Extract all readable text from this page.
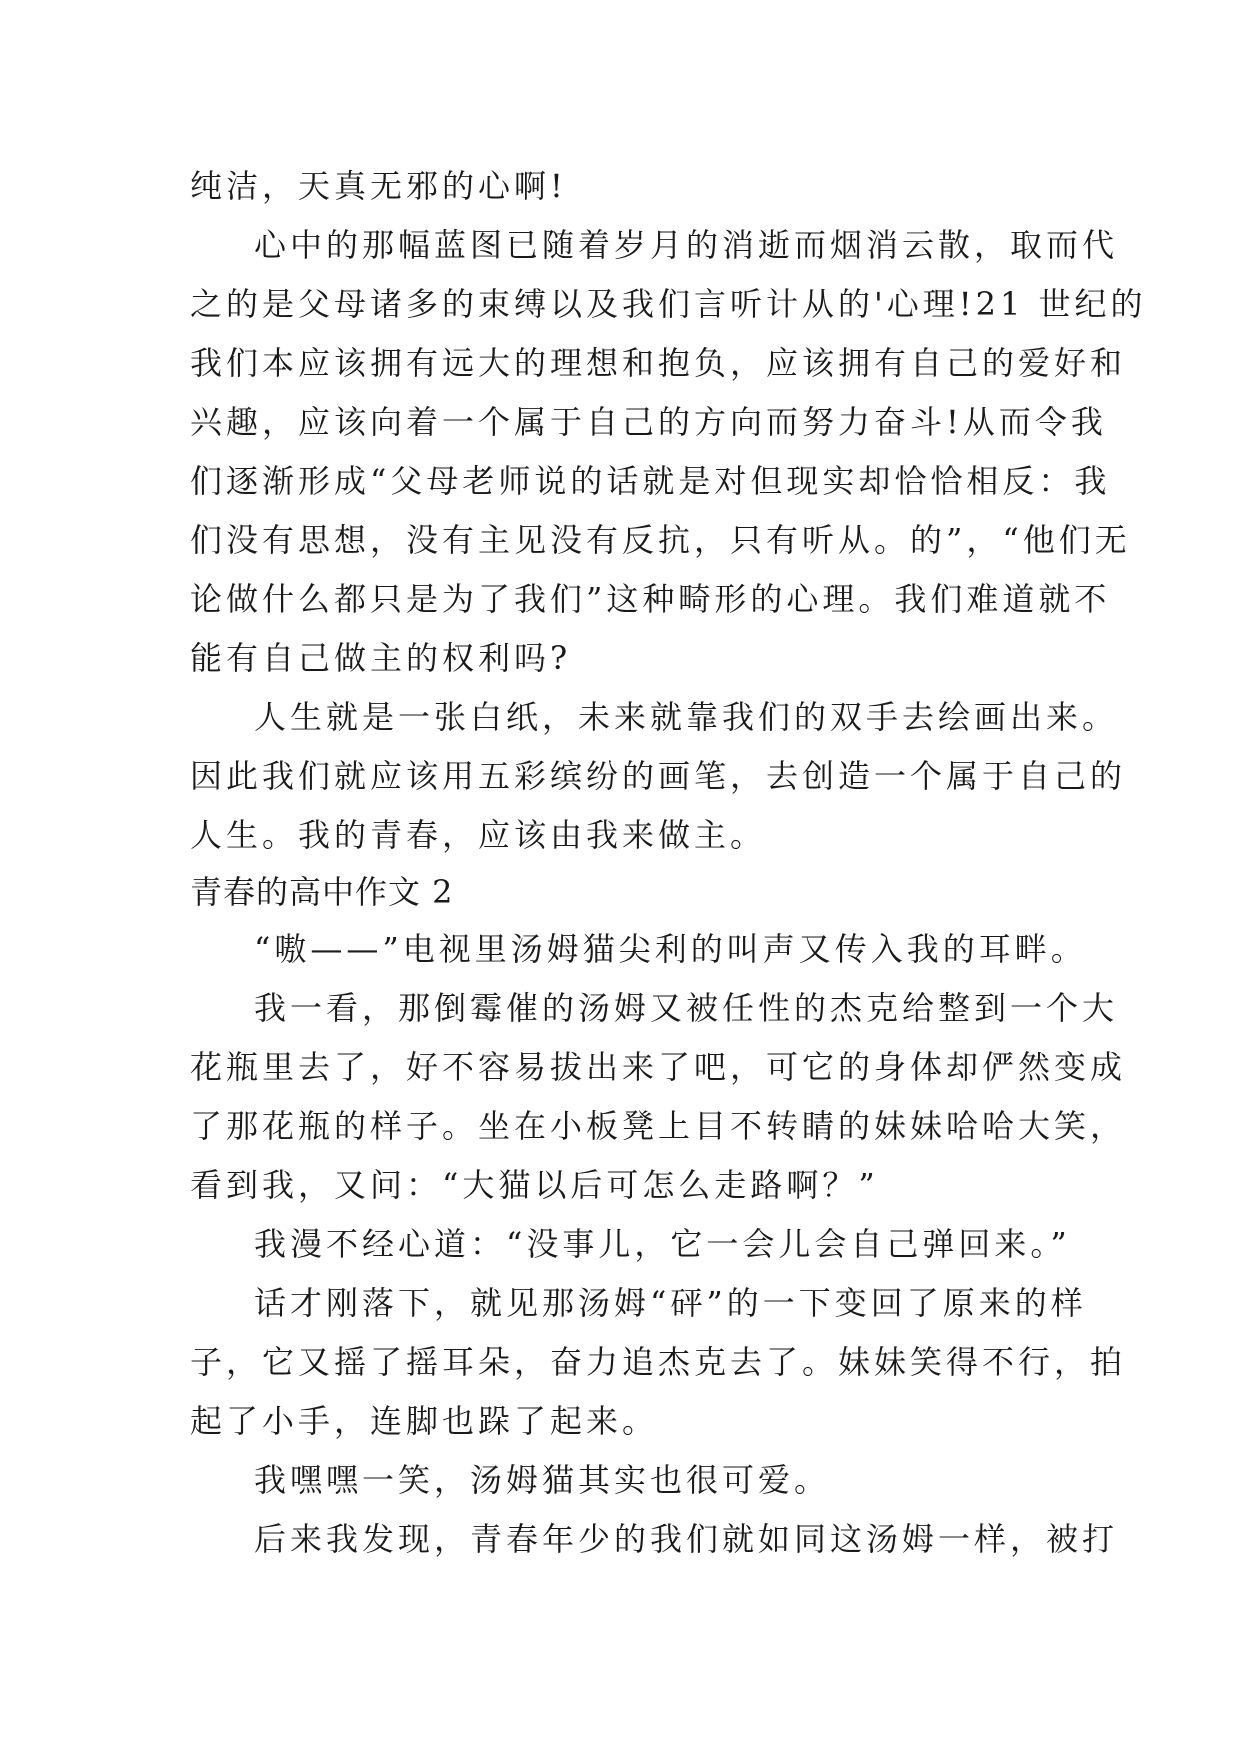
纯洁，天真无邪的心啊!
心中的那幅蓝图已随着岁月的消逝而烟消云散，取而代
之的是父母诸多的束缚以及我们言听计从的'心理!21 世纪的
我们本应该拥有远大的理想和抱负，应该拥有自己的爱好和
兴趣，应该向着一个属于自己的方向而努力奋斗!从而令我
们逐渐形成“父母老师说的话就是对但现实却恰恰相反：我
们没有思想，没有主见没有反抗，只有听从。的”，“他们无
论做什么都只是为了我们”这种畸形的心理。我们难道就不
能有自己做主的权利吗?
人生就是一张白纸，未来就靠我们的双手去绘画出来。
因此我们就应该用五彩缤纷的画笔，去创造一个属于自己的
人生。我的青春，应该由我来做主。
青春的高中作文 2
“嗷——”电视里汤姆猫尖利的叫声又传入我的耳畔。
我一看，那倒霉催的汤姆又被任性的杰克给整到一个大
花瓶里去了，好不容易拔出来了吧，可它的身体却俨然变成
了那花瓶的样子。坐在小板凳上目不转睛的妹妹哈哈大笑，
看到我，又问：“大猫以后可怎么走路啊？”
我漫不经心道：“没事儿，它一会儿会自己弹回来。”
话才刚落下，就见那汤姆“砰”的一下变回了原来的样
子，它又摇了摇耳朵，奋力追杰克去了。妹妹笑得不行，拍
起了小手，连脚也跺了起来。
我嘿嘿一笑，汤姆猫其实也很可爱。
后来我发现，青春年少的我们就如同这汤姆一样，被打
